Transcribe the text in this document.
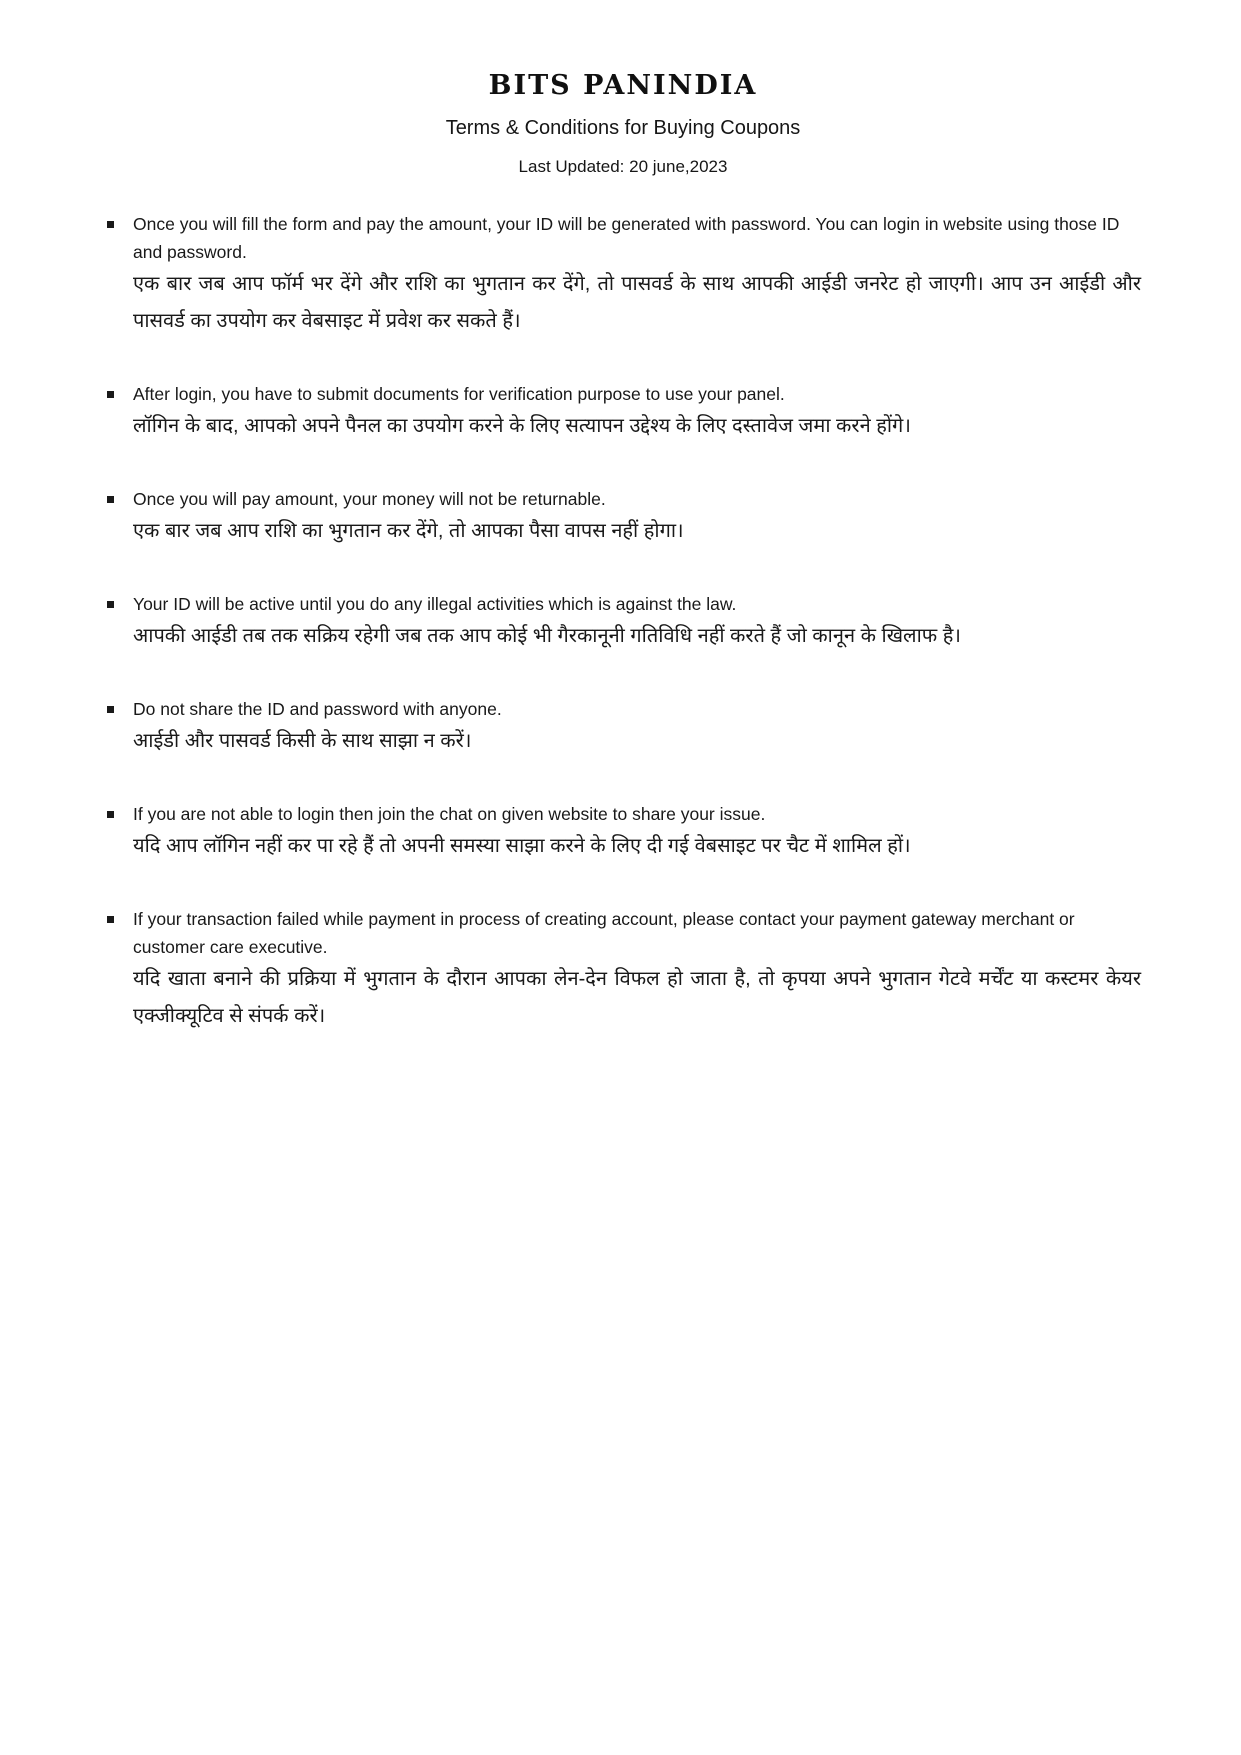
BITS PANINDIA
Terms & Conditions for Buying Coupons
Last Updated: 20 june,2023
Once you will fill the form and pay the amount, your ID will be generated with password. You can login in website using those ID and password.
एक बार जब आप फॉर्म भर देंगे और राशि का भुगतान कर देंगे, तो पासवर्ड के साथ आपकी आईडी जनरेट हो जाएगी। आप उन आईडी और पासवर्ड का उपयोग कर वेबसाइट में प्रवेश कर सकते हैं।
After login, you have to submit documents for verification purpose to use your panel.
लॉगिन के बाद, आपको अपने पैनल का उपयोग करने के लिए सत्यापन उद्देश्य के लिए दस्तावेज जमा करने होंगे।
Once you will pay amount, your money will not be returnable.
एक बार जब आप राशि का भुगतान कर देंगे, तो आपका पैसा वापस नहीं होगा।
Your ID will be active until you do any illegal activities which is against the law.
आपकी आईडी तब तक सक्रिय रहेगी जब तक आप कोई भी गैरकानूनी गतिविधि नहीं करते हैं जो कानून के खिलाफ है।
Do not share the ID and password with anyone.
आईडी और पासवर्ड किसी के साथ साझा न करें।
If you are not able to login then join the chat on given website to share your issue.
यदि आप लॉगिन नहीं कर पा रहे हैं तो अपनी समस्या साझा करने के लिए दी गई वेबसाइट पर चैट में शामिल हों।
If your transaction failed while payment in process of creating account, please contact your payment gateway merchant or customer care executive.
यदि खाता बनाने की प्रक्रिया में भुगतान के दौरान आपका लेन-देन विफल हो जाता है, तो कृपया अपने भुगतान गेटवे मर्चेंट या कस्टमर केयर एक्जीक्यूटिव से संपर्क करें।
